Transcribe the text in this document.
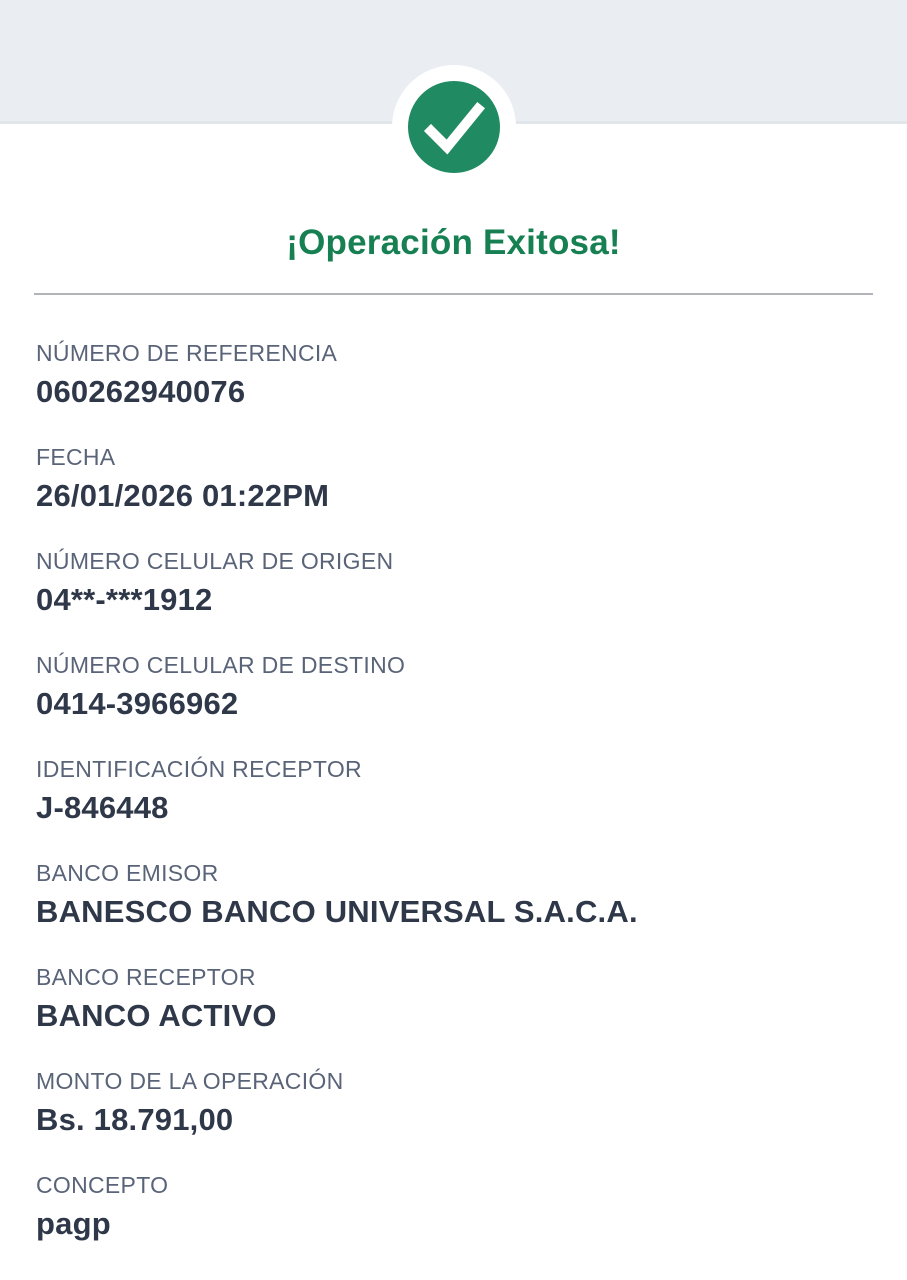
¡Operación Exitosa!
NÚMERO DE REFERENCIA
060262940076
FECHA
26/01/2026 01:22PM
NÚMERO CELULAR DE ORIGEN
04**-***1912
NÚMERO CELULAR DE DESTINO
0414-3966962
IDENTIFICACIÓN RECEPTOR
J-846448
BANCO EMISOR
BANESCO BANCO UNIVERSAL S.A.C.A.
BANCO RECEPTOR
BANCO ACTIVO
MONTO DE LA OPERACIÓN
Bs. 18.791,00
CONCEPTO
pagp
